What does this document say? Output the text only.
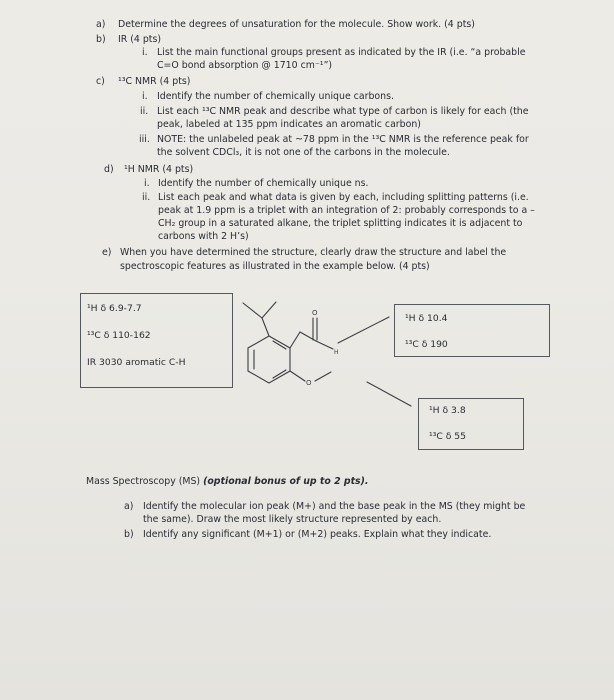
a) Determine the degrees of unsaturation for the molecule. Show work. (4 pts)
b) IR (4 pts)
i. List the main functional groups present as indicated by the IR (i.e. “a probable
C=O bond absorption @ 1710 cm⁻¹”)
c) ¹³C NMR (4 pts)
i. Identify the number of chemically unique carbons.
ii. List each ¹³C NMR peak and describe what type of carbon is likely for each (the
peak, labeled at 135 ppm indicates an aromatic carbon)
iii. NOTE: the unlabeled peak at ~78 ppm in the ¹³C NMR is the reference peak for
the solvent CDCl₃, it is not one of the carbons in the molecule.
d) ¹H NMR (4 pts)
i. Identify the number of chemically unique ns.
ii. List each peak and what data is given by each, including splitting patterns (i.e.
peak at 1.9 ppm is a triplet with an integration of 2: probably corresponds to a –
CH₂ group in a saturated alkane, the triplet splitting indicates it is adjacent to
carbons with 2 H’s)
e) When you have determined the structure, clearly draw the structure and label the
spectroscopic features as illustrated in the example below. (4 pts)
¹H δ 6.9-7.7
¹³C δ 110-162
IR 3030 aromatic C-H
¹H δ 10.4
¹³C δ 190
¹H δ 3.8
¹³C δ 55
O
H
O
Mass Spectroscopy (MS) (optional bonus of up to 2 pts).
a) Identify the molecular ion peak (M+) and the base peak in the MS (they might be
the same). Draw the most likely structure represented by each.
b) Identify any significant (M+1) or (M+2) peaks. Explain what they indicate.
